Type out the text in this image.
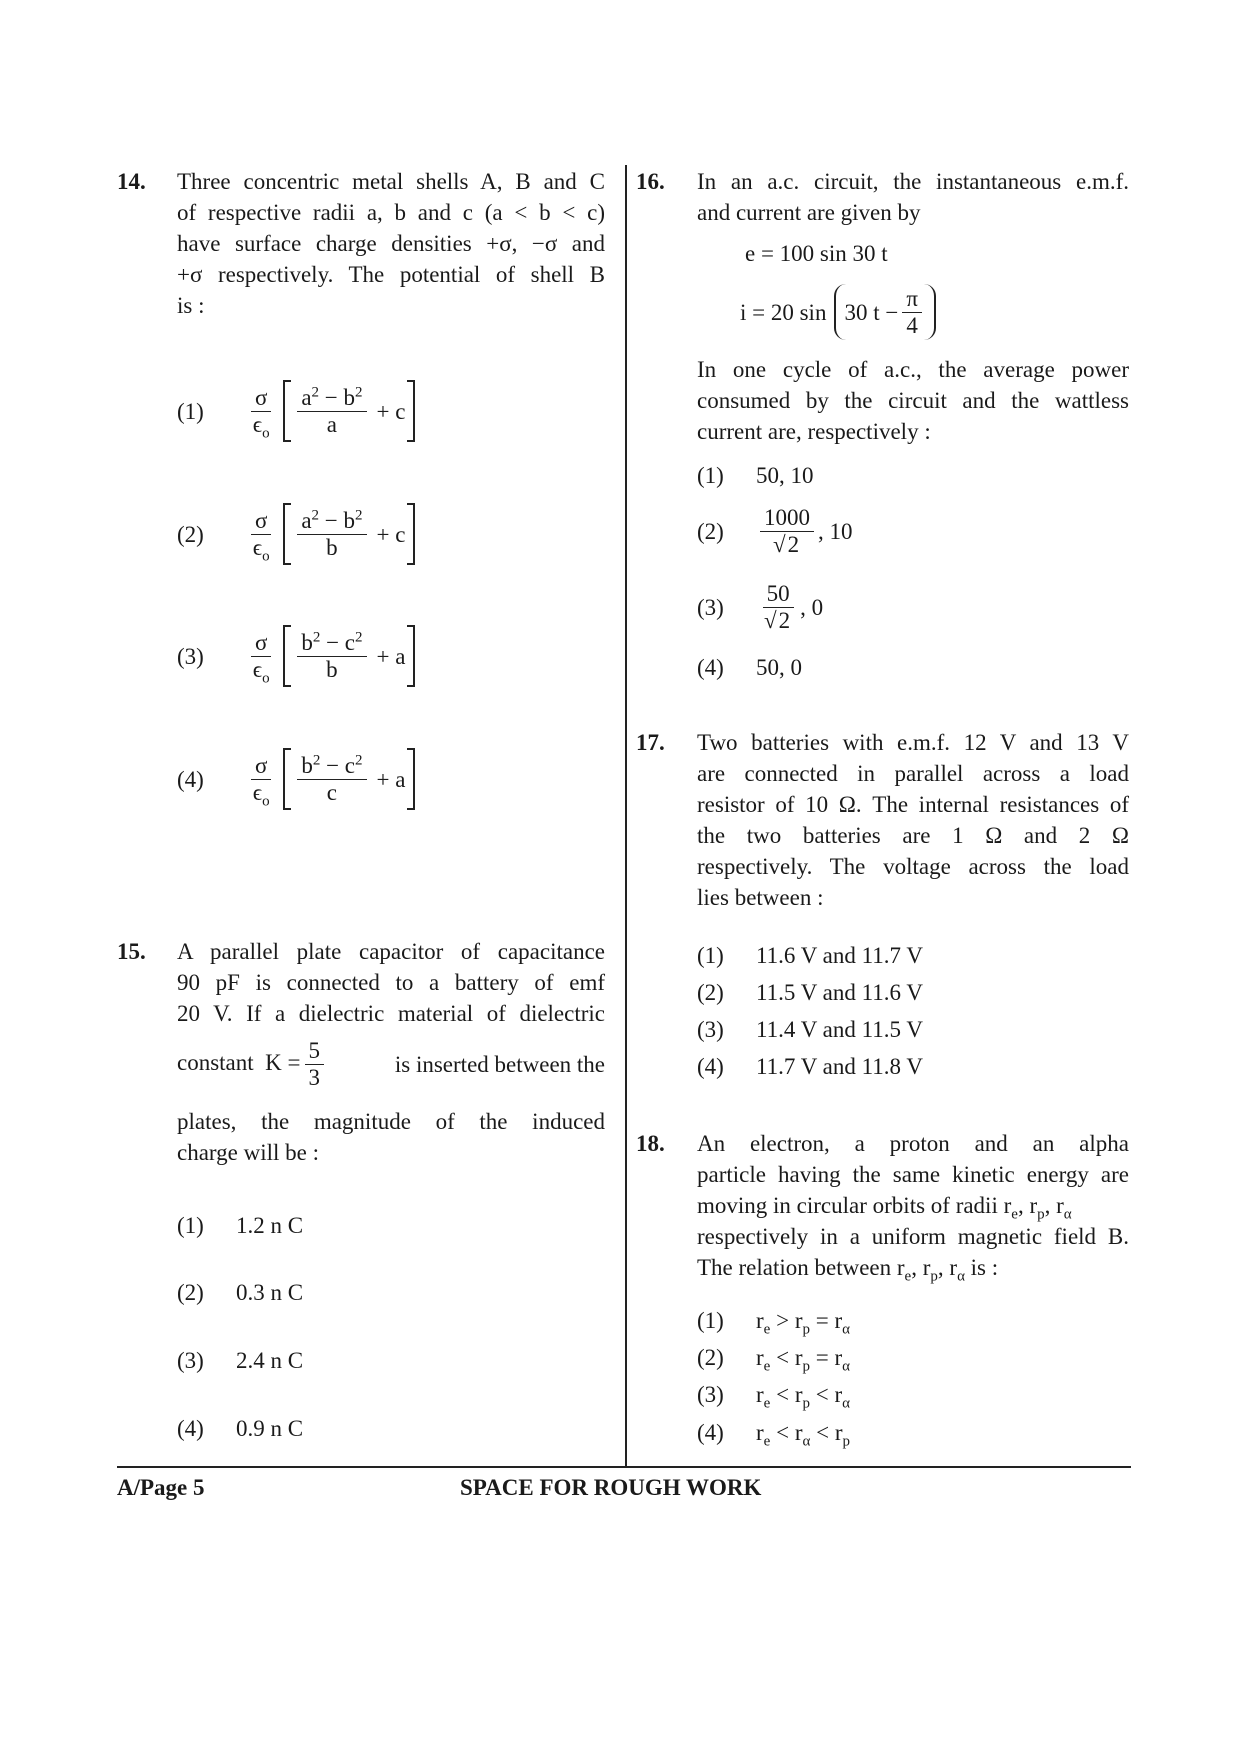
14. Three concentric metal shells A, B and C
of respective radii a, b and c (a < b < c)
have surface charge densities +σ, −σ and
+σ respectively. The potential of shell B
is :
$(1) \frac{\sigma}{\epsilon_o}$
$\frac{a^2 - b^2}{a} + c$
$(2) \frac{\sigma}{\epsilon_o}$
$\frac{a^2 - b^2}{b} + c$
$(3) \frac{\sigma}{\epsilon_o}$
$\frac{b^2 - c^2}{b} + a$
$(4) \frac{\sigma}{\epsilon_o}$
$\frac{b^2 - c^2}{c} + a$
15. A parallel plate capacitor of capacitance
90 pF is connected to a battery of emf
20 V. If a dielectric material of dielectric
constant $K = \frac{5}{3}$	is inserted between the
plates, the magnitude of the induced
charge will be :
(1) 1.2 n C
(2) 0.3 n C
(3) 2.4 n C
(4) 0.9 n C
16. In an a.c. circuit, the instantaneous e.m.f.
and current are given by
e = 100 sin 30 t
i = 20 sin 30 $t - \frac{\pi}{4}$
In one cycle of a.c., the average power
consumed by the circuit and the wattless
current are, respectively :
(1) 50, 10
(2)	$\frac{1000}{√2}$ , 10
(3)	$\frac{50}{√2}$ , 0
(4) 50, 0
17. Two batteries with e.m.f. 12 V and 13 V
are connected in parallel across a load
resistor of 10 Ω. The internal resistances of
the two batteries are 1 Ω and 2 Ω
respectively. The voltage across the load
lies between :
(1) 11.6 V and 11.7 V
(2) 11.5 V and 11.6 V
(3) 11.4 V and 11.5 V
(4) 11.7 V and 11.8 V
18. An electron, a proton and an alpha
particle having the same kinetic energy are
moving in circular orbits of radii $r_e$, $r_p$, $r_\alpha$
respectively in a uniform magnetic field B.
The relation between $r_e$, $r_p$, $r_\alpha$ is :
(1) $r_e > r_p = r_\alpha$
(2) $r_e < r_p = r_\alpha$
(3) $r_e < r_p < r_\alpha$
(4) $r_e < r_\alpha < r_p$
A/Page 5	SPACE FOR ROUGH WORK
